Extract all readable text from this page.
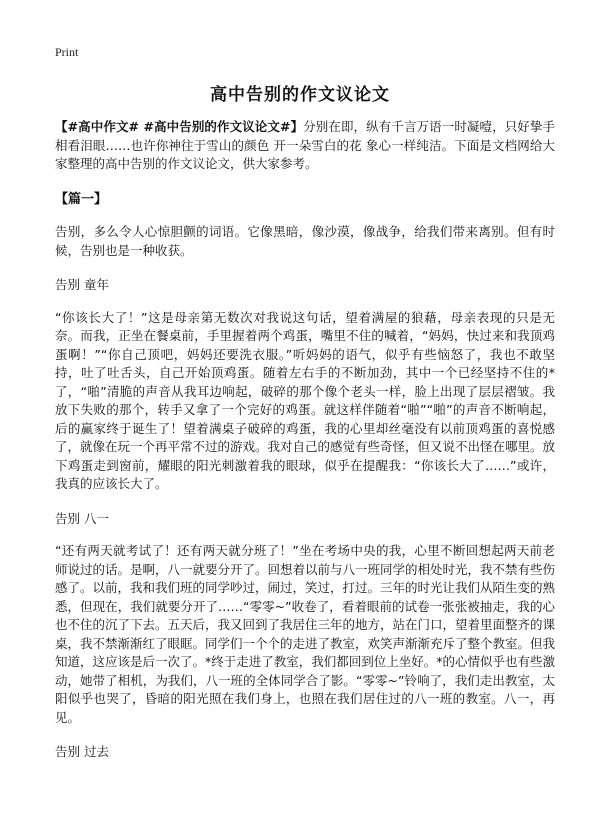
Print
高中告别的作文议论文

【#高中作文# #高中告别的作文议论文#】分别在即，纵有千言万语一时凝噎，只好挚手相看泪眼……也许你神往于雪山的颜色 开一朵雪白的花 象心一样纯洁。下面是文档网给大家整理的高中告别的作文议论文，供大家参考。

【篇一】

告别，多么令人心惊胆颤的词语。它像黑暗，像沙漠，像战争，给我们带来离别。但有时候，告别也是一种收获。

告别 童年

“你该长大了！”这是母亲第无数次对我说这句话，望着满屋的狼藉，母亲表现的只是无奈。而我，正坐在餐桌前，手里握着两个鸡蛋，嘴里不住的喊着，“妈妈，快过来和我顶鸡蛋啊！”“你自己顶吧，妈妈还要洗衣服。”听妈妈的语气，似乎有些恼怒了，我也不敢坚持，吐了吐舌头，自己开始顶鸡蛋。随着左右手的不断加劲，其中一个已经坚持不住的*了，“啪”清脆的声音从我耳边响起，破碎的那个像个老头一样，脸上出现了层层褶皱。我放下失败的那个，转手又拿了一个完好的鸡蛋。就这样伴随着“啪”“啪”的声音不断响起，后的赢家终于诞生了！望着满桌子破碎的鸡蛋，我的心里却丝毫没有以前顶鸡蛋的喜悦感了，就像在玩一个再平常不过的游戏。我对自己的感觉有些奇怪，但又说不出怪在哪里。放下鸡蛋走到窗前，耀眼的阳光刺激着我的眼球，似乎在提醒我：“你该长大了……”或许，我真的应该长大了。

告别 八一

“还有两天就考试了！还有两天就分班了！”坐在考场中央的我，心里不断回想起两天前老师说过的话。是啊，八一就要分开了。回想着以前与八一班同学的相处时光，我不禁有些伤感了。以前，我和我们班的同学吵过，闹过，笑过，打过。三年的时光让我们从陌生变的熟悉，但现在，我们就要分开了……“零零~”收卷了，看着眼前的试卷一张张被抽走，我的心也不住的沉了下去。五天后，我又回到了我居住三年的地方，站在门口，望着里面整齐的课桌，我不禁渐渐红了眼眶。同学们一个个的走进了教室，欢笑声渐渐充斥了整个教室。但我知道，这应该是后一次了。*终于走进了教室，我们都回到位上坐好。*的心情似乎也有些激动，她带了相机，为我们，八一班的全体同学合了影。“零零~”铃响了，我们走出教室，太阳似乎也哭了，昏暗的阳光照在我们身上，也照在我们居住过的八一班的教室。八一，再见。

告别 过去
